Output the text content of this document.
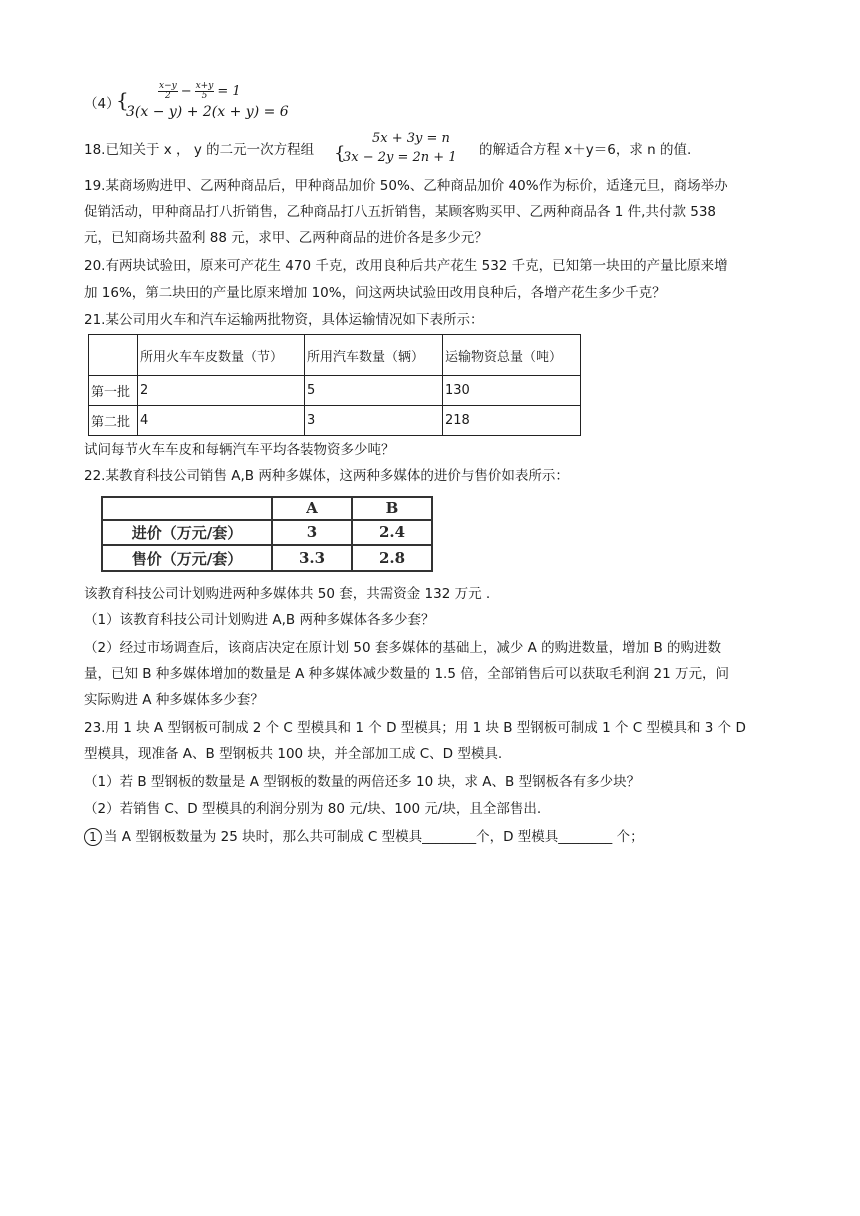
（4）
{	$\frac{x-y}{2} - \frac{x+y}{5} = 1$
3(x − y) + 2(x + y) = 6
18.已知关于 x ， y 的二元一次方程组 {
5x + 3y = n
3x − 2y = 2n + 1 的解适合方程 x＋y＝6，求 n 的值.
19.某商场购进甲、乙两种商品后，甲种商品加价 50%、乙种商品加价 40%作为标价，适逢元旦，商场举办
促销活动，甲种商品打八折销售，乙种商品打八五折销售，某顾客购买甲、乙两种商品各 1 件,共付款 538
元，已知商场共盈利 88 元，求甲、乙两种商品的进价各是多少元？
20.有两块试验田，原来可产花生 470 千克，改用良种后共产花生 532 千克，已知第一块田的产量比原来增
加 16%，第二块田的产量比原来增加 10%，问这两块试验田改用良种后，各增产花生多少千克？
21.某公司用火车和汽车运输两批物资，具体运输情况如下表所示：
	所用火车车皮数量（节）	所用汽车数量（辆）	运输物资总量（吨）
第一批	2	5	130
第二批	4	3	218
试问每节火车车皮和每辆汽车平均各装物资多少吨？
22.某教育科技公司销售 A,B 两种多媒体，这两种多媒体的进价与售价如表所示：
	A	B
进价（万元/套）	3	2.4
售价（万元/套）	3.3	2.8
该教育科技公司计划购进两种多媒体共 50 套，共需资金 132 万元 .
（1）该教育科技公司计划购进 A,B 两种多媒体各多少套？
（2）经过市场调查后，该商店决定在原计划 50 套多媒体的基础上，减少 A 的购进数量，增加 B 的购进数
量，已知 B 种多媒体增加的数量是 A 种多媒体减少数量的 1.5 倍，全部销售后可以获取毛利润 21 万元，问
实际购进 A 种多媒体多少套？
23.用 1 块 A 型钢板可制成 2 个 C 型模具和 1 个 D 型模具；用 1 块 B 型钢板可制成 1 个 C 型模具和 3 个 D
型模具，现准备 A、B 型钢板共 100 块，并全部加工成 C、D 型模具.
（1）若 B 型钢板的数量是 A 型钢板的数量的两倍还多 10 块，求 A、B 型钢板各有多少块？
（2）若销售 C、D 型模具的利润分别为 80 元/块、100 元/块，且全部售出.
1 当 A 型钢板数量为 25 块时，那么共可制成 C 型模具________个，D 型模具________ 个；
